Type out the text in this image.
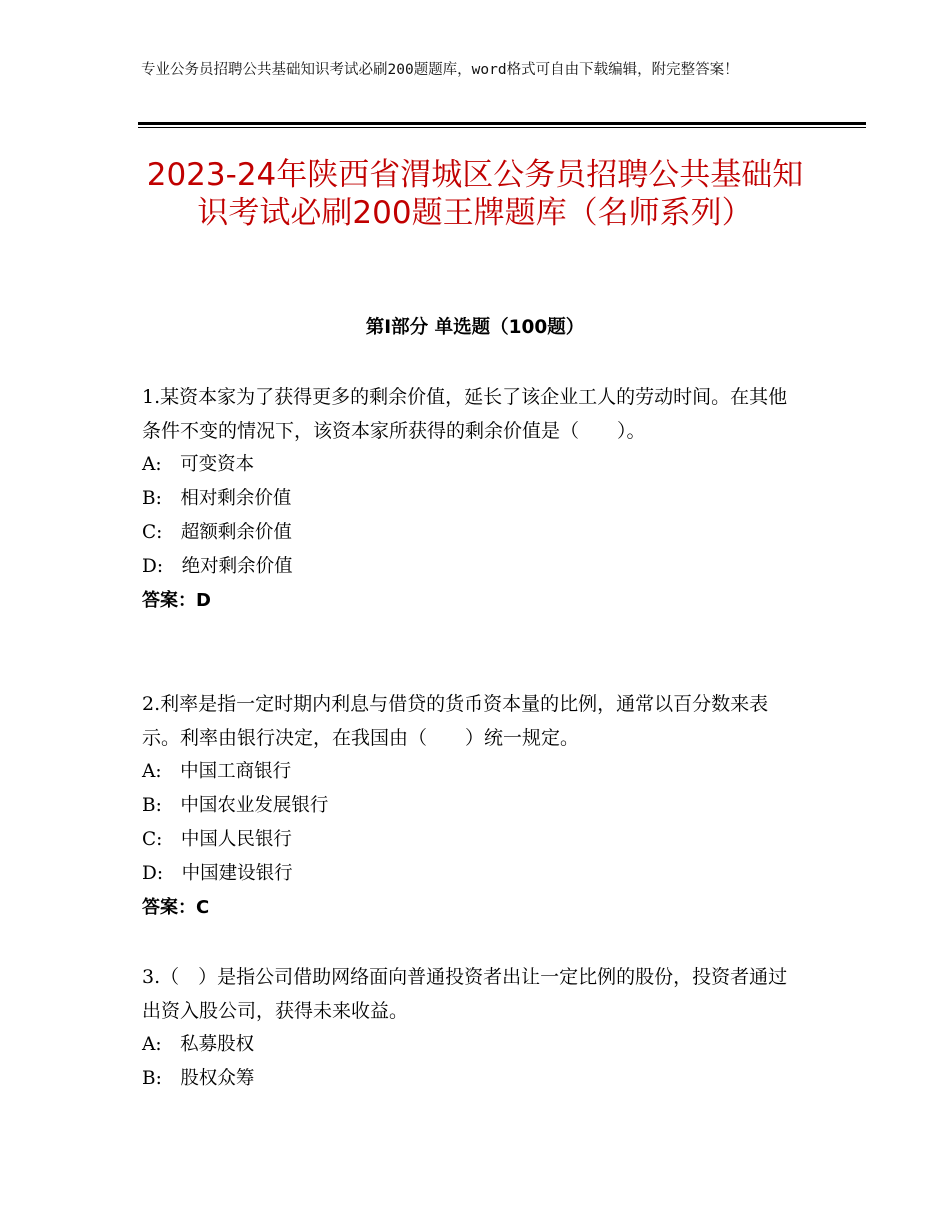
专业公务员招聘公共基础知识考试必刷200题题库，word格式可自由下载编辑，附完整答案！
2023-24年陕西省渭城区公务员招聘公共基础知识考试必刷200题王牌题库（名师系列）
第Ⅰ部分 单选题（100题）

1.某资本家为了获得更多的剩余价值，延长了该企业工人的劳动时间。在其他条件不变的情况下，该资本家所获得的剩余价值是（　　）。

A:　可变资本

B:　相对剩余价值

C:　超额剩余价值

D:　绝对剩余价值

答案：D

2.利率是指一定时期内利息与借贷的货币资本量的比例，通常以百分数来表示。利率由银行决定，在我国由（　　）统一规定。

A:　中国工商银行

B:　中国农业发展银行

C:　中国人民银行

D:　中国建设银行

答案：C

3.（　）是指公司借助网络面向普通投资者出让一定比例的股份，投资者通过出资入股公司，获得未来收益。

A:　私募股权

B:　股权众筹
